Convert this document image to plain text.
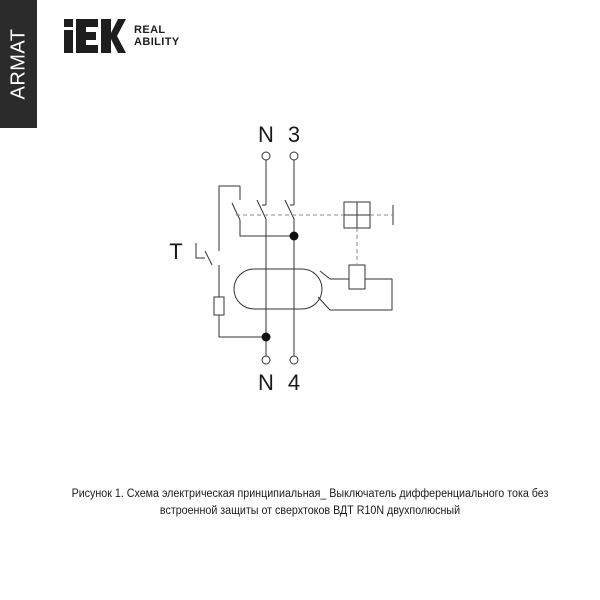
ARMAT	REAL
ABILITY
N 3
N 4
T
Рисунок 1. Схема электрическая принципиальная_ Выключатель дифференциального тока без
встроенной защиты от сверхтоков ВДТ R10N двухполюсный
